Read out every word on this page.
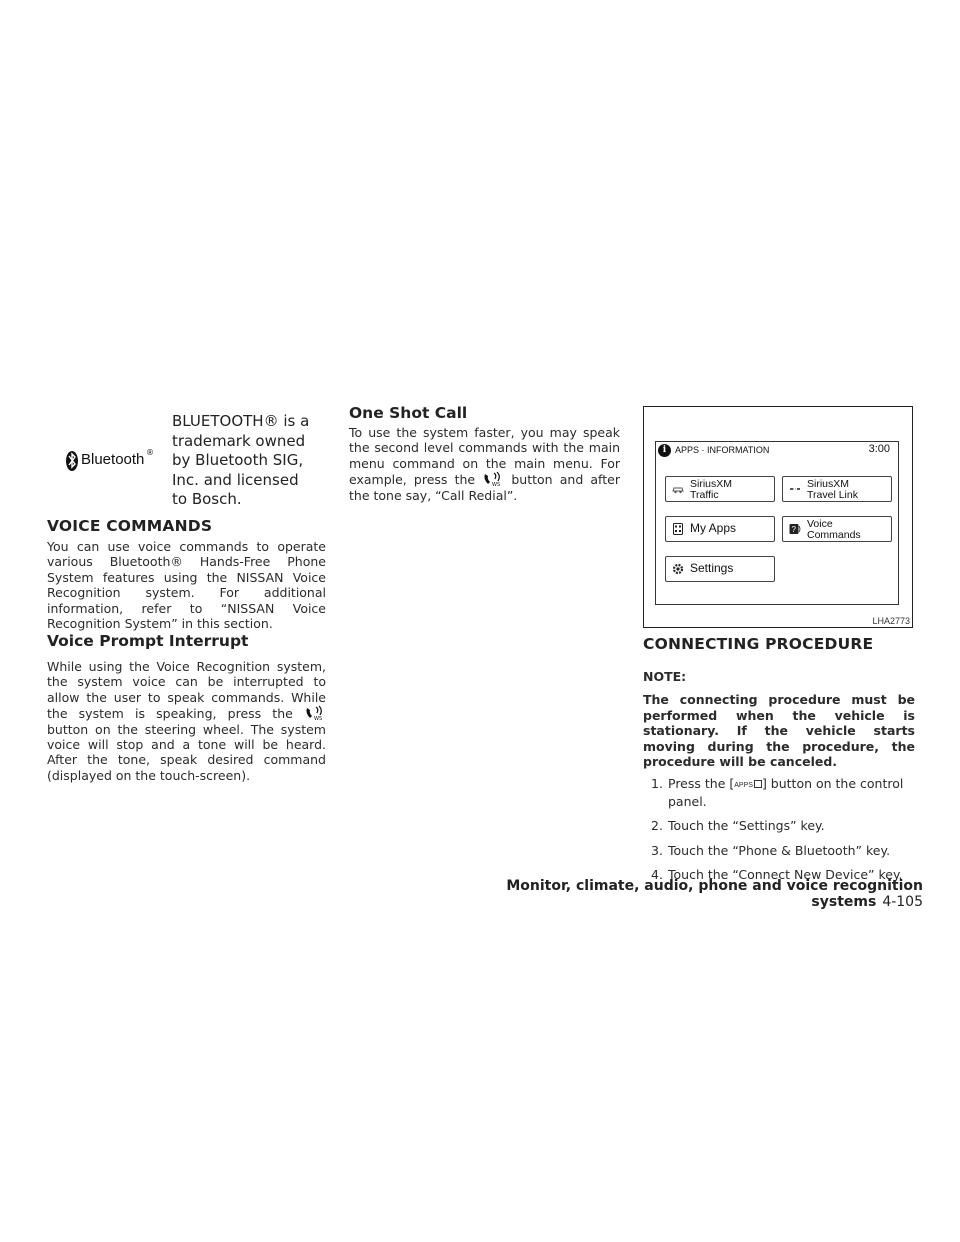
Bluetooth ®
BLUETOOTH® is a
trademark owned
by Bluetooth SIG,
Inc. and licensed
to Bosch.
VOICE COMMANDS

You can use voice commands to operate various Bluetooth® Hands-Free Phone System features using the NISSAN Voice Recognition system. For additional information, refer to “NISSAN Voice Recognition System” in this section.

Voice Prompt Interrupt

While using the Voice Recognition system, the system voice can be interrupted to allow the user to speak commands. While the system is speaking, press the	WS
button on the steering wheel. The system voice will stop and a tone will be heard. After the tone, speak desired command (displayed on the touch-screen).

One Shot Call

To use the system faster, you may speak the second level commands with the main menu command on the main menu. For example, press the	WS button and after the tone say, “Call Redial”.

i APPS · INFORMATION	3:00
SiriusXM
Traffic
SiriusXM
Travel Link
My Apps	? Voice
Commands
Settings
LHA2773
CONNECTING PROCEDURE

NOTE:

The connecting procedure must be performed when the vehicle is stationary. If the vehicle starts moving during the procedure, the procedure will be canceled.

1. Press the [APPS ] button on the control panel.
2. Touch the “Settings” key.
3. Touch the “Phone & Bluetooth” key.
4. Touch the “Connect New Device” key.
Monitor, climate, audio, phone and voice recognition systems 4-105
